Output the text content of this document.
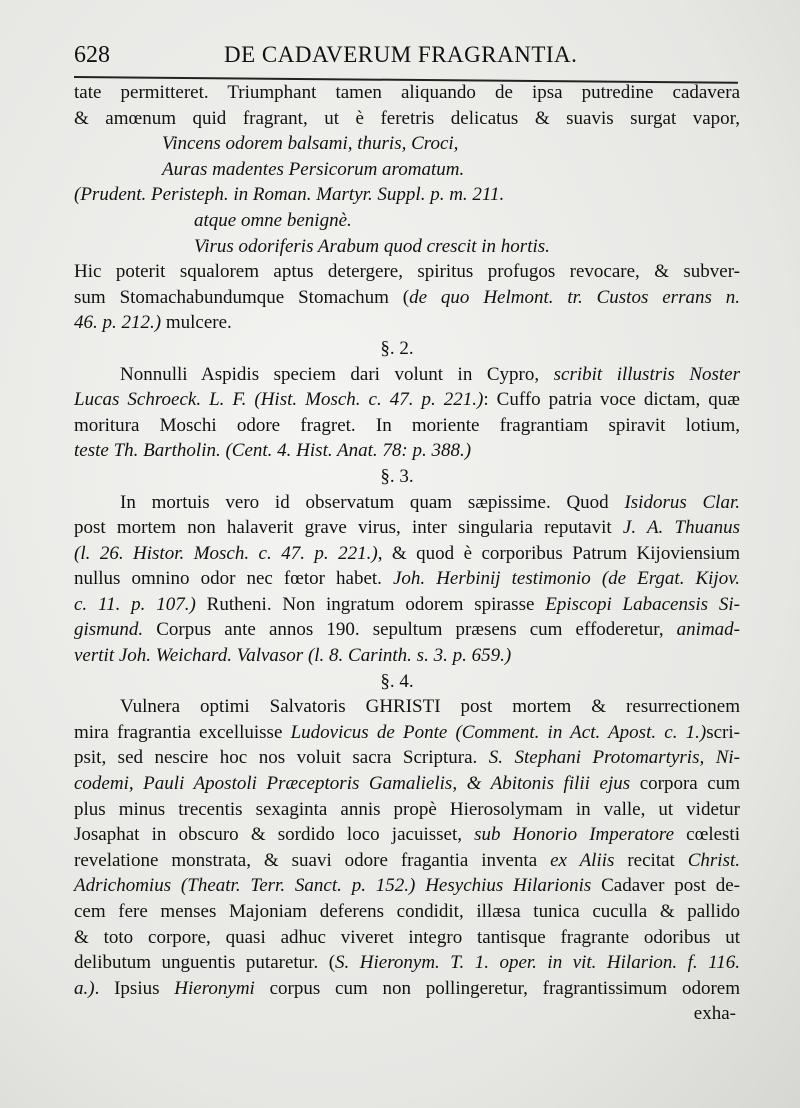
628	DE CADAVERUM FRAGRANTIA.
tate permitteret. Triumphant tamen aliquando de ipsa putredine cadavera
& amœnum quid fragrant, ut è feretris delicatus & suavis surgat vapor,
Vincens odorem balsami, thuris, Croci,
Auras madentes Persicorum aromatum.
(Prudent. Peristeph. in Roman. Martyr. Suppl. p. m. 211.
atque omne benignè.
Virus odoriferis Arabum quod crescit in hortis.
Hic poterit squalorem aptus detergere, spiritus profugos revocare, & subver-
sum Stomachabundumque Stomachum (de quo Helmont. tr. Custos errans n.
46. p. 212.) mulcere.
§. 2.
Nonnulli Aspidis speciem dari volunt in Cypro, scribit illustris Noster
Lucas Schroeck. L. F. (Hist. Mosch. c. 47. p. 221.): Cuffo patria voce dictam, quæ
moritura Moschi odore fragret. In moriente fragrantiam spiravit lotium,
teste Th. Bartholin. (Cent. 4. Hist. Anat. 78: p. 388.)
§. 3.
In mortuis vero id observatum quam sæpissime. Quod Isidorus Clar.
post mortem non halaverit grave virus, inter singularia reputavit J. A. Thuanus
(l. 26. Histor. Mosch. c. 47. p. 221.), & quod è corporibus Patrum Kijoviensium
nullus omnino odor nec fœtor habet. Joh. Herbinij testimonio (de Ergat. Kijov.
c. 11. p. 107.) Rutheni. Non ingratum odorem spirasse Episcopi Labacensis Si-
gismund. Corpus ante annos 190. sepultum præsens cum effoderetur, animad-
vertit Joh. Weichard. Valvasor (l. 8. Carinth. s. 3. p. 659.)
§. 4.
Vulnera optimi Salvatoris GHRISTI post mortem & resurrectionem
mira fragrantia excelluisse Ludovicus de Ponte (Comment. in Act. Apost. c. 1.)scri-
psit, sed nescire hoc nos voluit sacra Scriptura. S. Stephani Protomartyris, Ni-
codemi, Pauli Apostoli Præceptoris Gamalielis, & Abitonis filii ejus corpora cum
plus minus trecentis sexaginta annis propè Hierosolymam in valle, ut videtur
Josaphat in obscuro & sordido loco jacuisset, sub Honorio Imperatore cœlesti
revelatione monstrata, & suavi odore fragantia inventa ex Aliis recitat Christ.
Adrichomius (Theatr. Terr. Sanct. p. 152.) Hesychius Hilarionis Cadaver post de-
cem fere menses Majoniam deferens condidit, illæsa tunica cuculla & pallido
& toto corpore, quasi adhuc viveret integro tantisque fragrante odoribus ut
delibutum unguentis putaretur. (S. Hieronym. T. 1. oper. in vit. Hilarion. f. 116.
a.). Ipsius Hieronymi corpus cum non pollingeretur, fragrantissimum odorem
exha-
